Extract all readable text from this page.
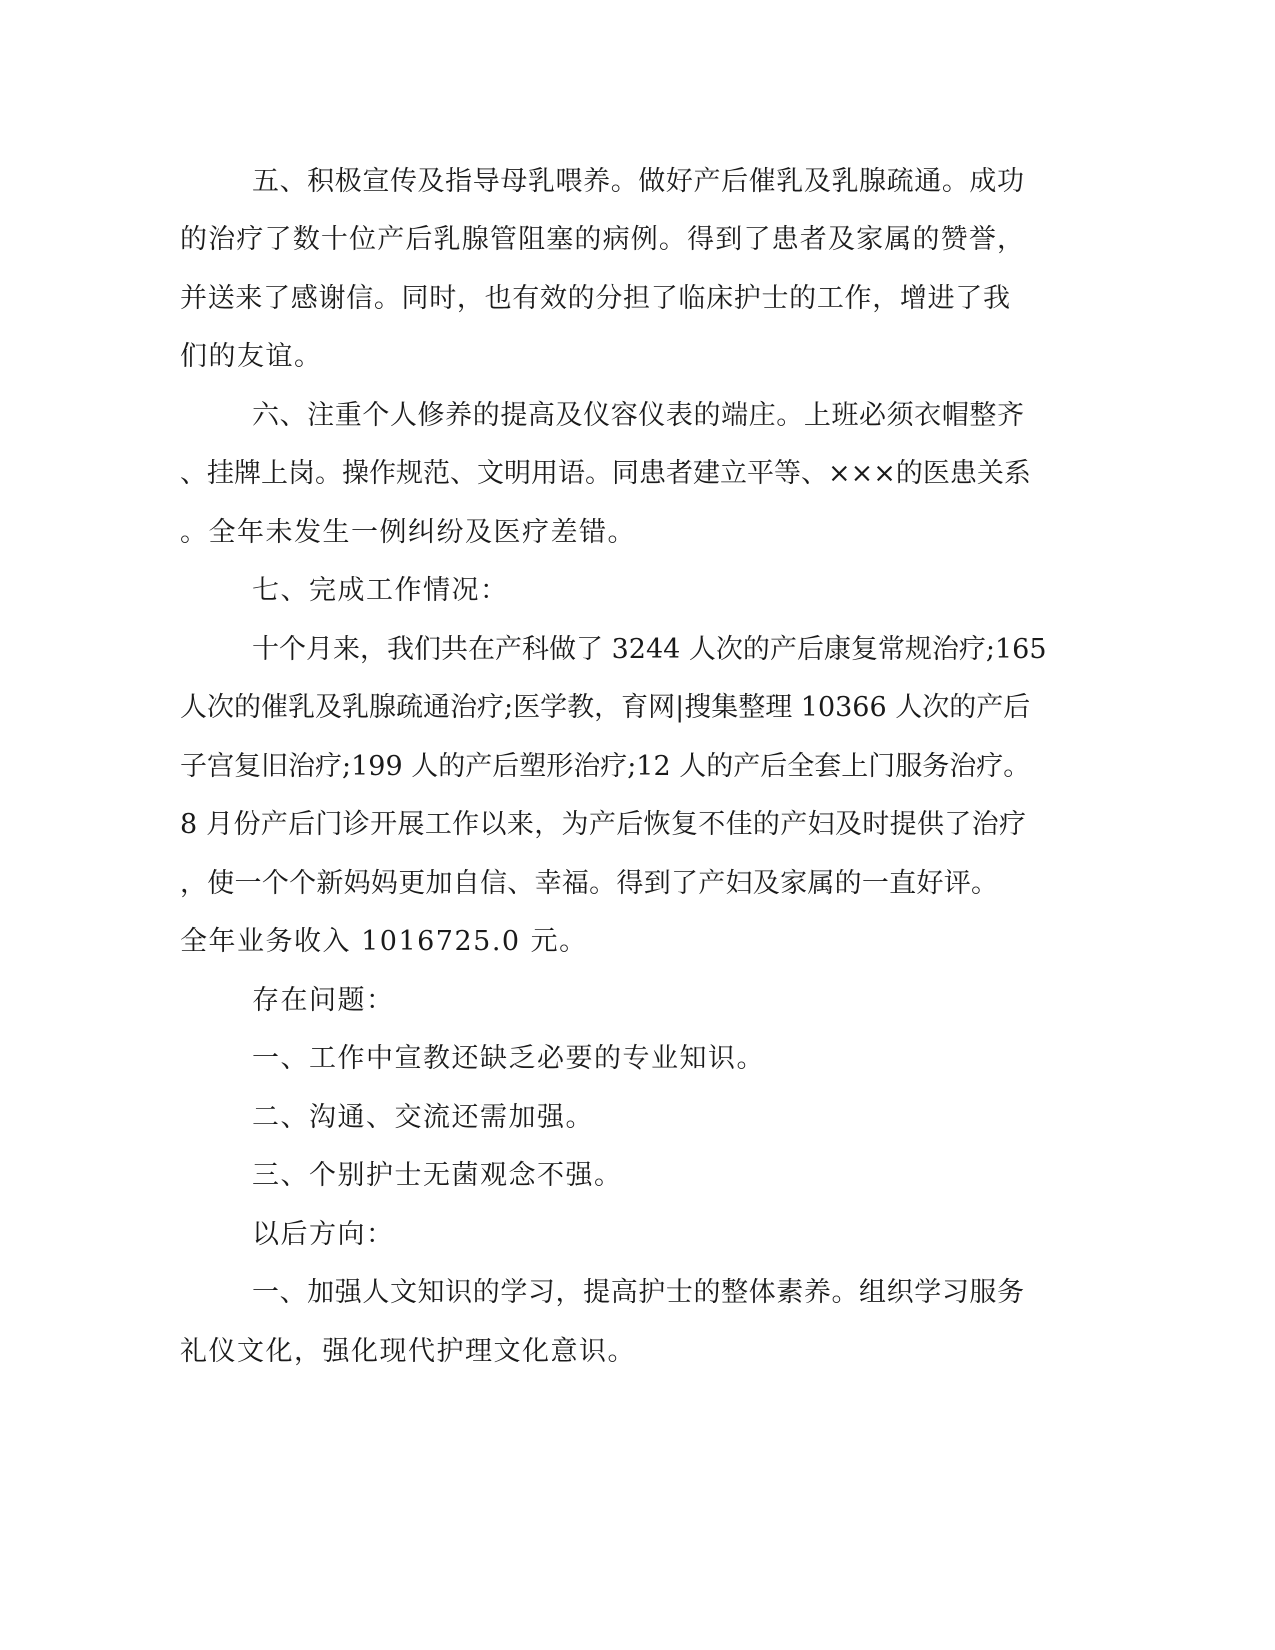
五、积极宣传及指导母乳喂养。做好产后催乳及乳腺疏通。成功
的治疗了数十位产后乳腺管阻塞的病例。得到了患者及家属的赞誉，
并送来了感谢信。同时，也有效的分担了临床护士的工作，增进了我
们的友谊。
六、注重个人修养的提高及仪容仪表的端庄。上班必须衣帽整齐
、挂牌上岗。操作规范、文明用语。同患者建立平等、×××的医患关系
。全年未发生一例纠纷及医疗差错。
七、完成工作情况：
十个月来，我们共在产科做了 3244 人次的产后康复常规治疗;165
人次的催乳及乳腺疏通治疗;医学教，育网|搜集整理 10366 人次的产后
子宫复旧治疗;199 人的产后塑形治疗;12 人的产后全套上门服务治疗。
8 月份产后门诊开展工作以来，为产后恢复不佳的产妇及时提供了治疗
，使一个个新妈妈更加自信、幸福。得到了产妇及家属的一直好评。
全年业务收入 1016725.0 元。
存在问题：
一、工作中宣教还缺乏必要的专业知识。
二、沟通、交流还需加强。
三、个别护士无菌观念不强。
以后方向：
一、加强人文知识的学习，提高护士的整体素养。组织学习服务
礼仪文化，强化现代护理文化意识。
